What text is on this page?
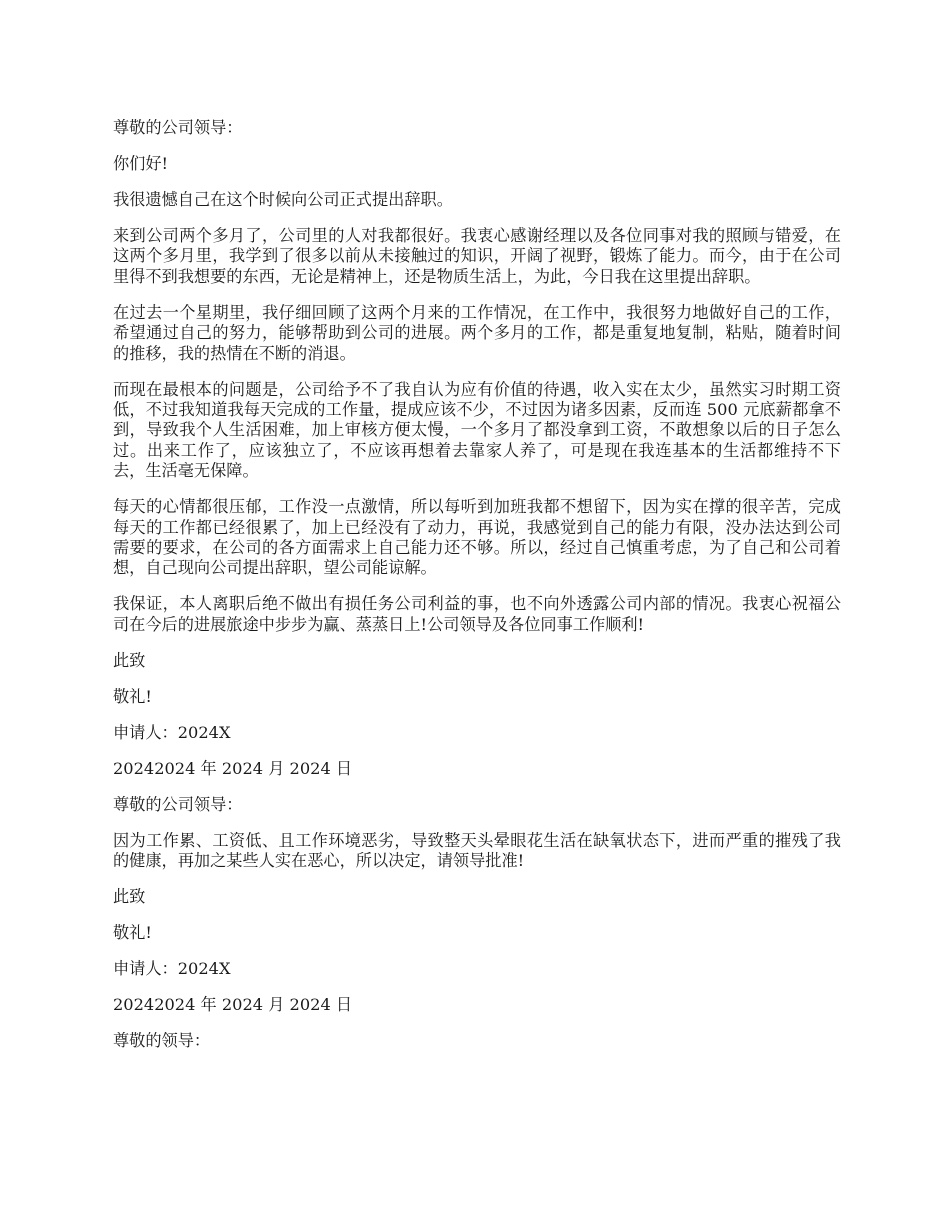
尊敬的公司领导：

你们好!

我很遗憾自己在这个时候向公司正式提出辞职。

来到公司两个多月了，公司里的人对我都很好。我衷心感谢经理以及各位同事对我的照顾与错爱，在这两个多月里，我学到了很多以前从未接触过的知识，开阔了视野，锻炼了能力。而今，由于在公司里得不到我想要的东西，无论是精神上，还是物质生活上，为此，今日我在这里提出辞职。

在过去一个星期里，我仔细回顾了这两个月来的工作情况，在工作中，我很努力地做好自己的工作，希望通过自己的努力，能够帮助到公司的进展。两个多月的工作，都是重复地复制，粘贴，随着时间的推移，我的热情在不断的消退。

而现在最根本的问题是，公司给予不了我自认为应有价值的待遇，收入实在太少，虽然实习时期工资低，不过我知道我每天完成的工作量，提成应该不少，不过因为诸多因素，反而连 500 元底薪都拿不到，导致我个人生活困难，加上审核方便太慢，一个多月了都没拿到工资，不敢想象以后的日子怎么过。出来工作了，应该独立了，不应该再想着去靠家人养了，可是现在我连基本的生活都维持不下去，生活毫无保障。

每天的心情都很压郁，工作没一点激情，所以每听到加班我都不想留下，因为实在撑的很辛苦，完成每天的工作都已经很累了，加上已经没有了动力，再说，我感觉到自己的能力有限，没办法达到公司需要的要求，在公司的各方面需求上自己能力还不够。所以，经过自己慎重考虑，为了自己和公司着想，自己现向公司提出辞职，望公司能谅解。

我保证，本人离职后绝不做出有损任务公司利益的事，也不向外透露公司内部的情况。我衷心祝福公司在今后的进展旅途中步步为赢、蒸蒸日上!公司领导及各位同事工作顺利!

此致

敬礼!

申请人：2024X

20242024 年 2024 月 2024 日

尊敬的公司领导：

因为工作累、工资低、且工作环境恶劣，导致整天头晕眼花生活在缺氧状态下，进而严重的摧残了我的健康，再加之某些人实在恶心，所以决定，请领导批准!

此致

敬礼!

申请人：2024X

20242024 年 2024 月 2024 日

尊敬的领导：
